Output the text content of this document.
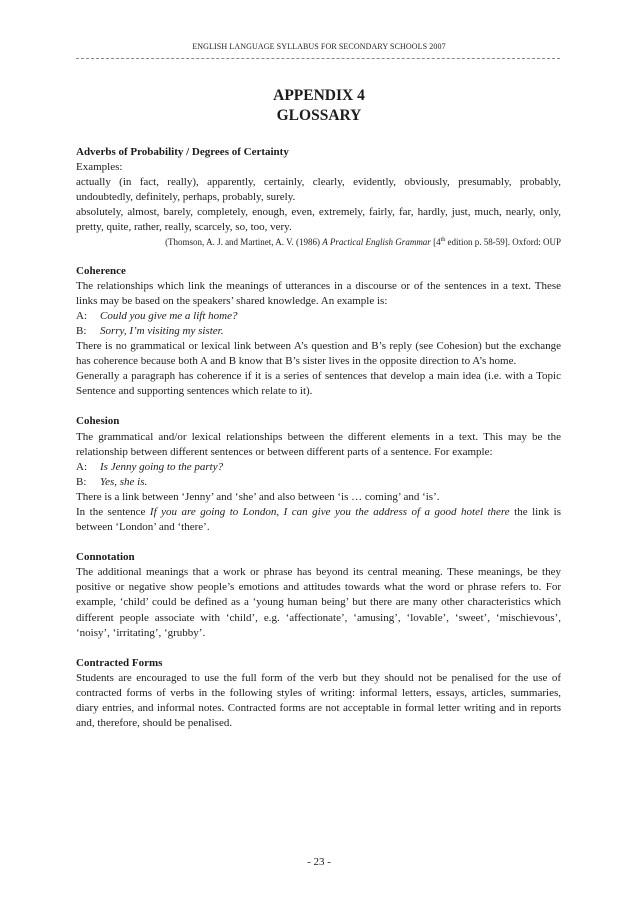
ENGLISH LANGUAGE SYLLABUS FOR SECONDARY SCHOOLS 2007
APPENDIX 4
GLOSSARY
Adverbs of Probability / Degrees of Certainty

Examples:

actually (in fact, really), apparently, certainly, clearly, evidently, obviously, presumably, probably, undoubtedly, definitely, perhaps, probably, surely.

absolutely, almost, barely, completely, enough, even, extremely, fairly, far, hardly, just, much, nearly, only, pretty, quite, rather, really, scarcely, so, too, very.

(Thomson, A. J. and Martinet, A. V. (1986) A Practical English Grammar [4th edition p. 58-59]. Oxford: OUP

Coherence

The relationships which link the meanings of utterances in a discourse or of the sentences in a text. These links may be based on the speakers’ shared knowledge. An example is:

A:	Could you give me a lift home?
B:	Sorry, I’m visiting my sister.

There is no grammatical or lexical link between A’s question and B’s reply (see Cohesion) but the exchange has coherence because both A and B know that B’s sister lives in the opposite direction to A’s home.

Generally a paragraph has coherence if it is a series of sentences that develop a main idea (i.e. with a Topic Sentence and supporting sentences which relate to it).

Cohesion

The grammatical and/or lexical relationships between the different elements in a text. This may be the relationship between different sentences or between different parts of a sentence. For example:

A:	Is Jenny going to the party?
B:	Yes, she is.

There is a link between ‘Jenny’ and ‘she’ and also between ‘is … coming’ and ‘is’.

In the sentence If you are going to London, I can give you the address of a good hotel there the link is between ‘London’ and ‘there’.

Connotation

The additional meanings that a work or phrase has beyond its central meaning. These meanings, be they positive or negative show people’s emotions and attitudes towards what the word or phrase refers to. For example, ‘child’ could be defined as a ‘young human being’ but there are many other characteristics which different people associate with ‘child’, e.g. ‘affectionate’, ‘amusing’, ‘lovable’, ‘sweet’, ‘mischievous’, ‘noisy’, ‘irritating’, ‘grubby’.

Contracted Forms

Students are encouraged to use the full form of the verb but they should not be penalised for the use of contracted forms of verbs in the following styles of writing: informal letters, essays, articles, summaries, diary entries, and informal notes. Contracted forms are not acceptable in formal letter writing and in reports and, therefore, should be penalised.

- 23 -
